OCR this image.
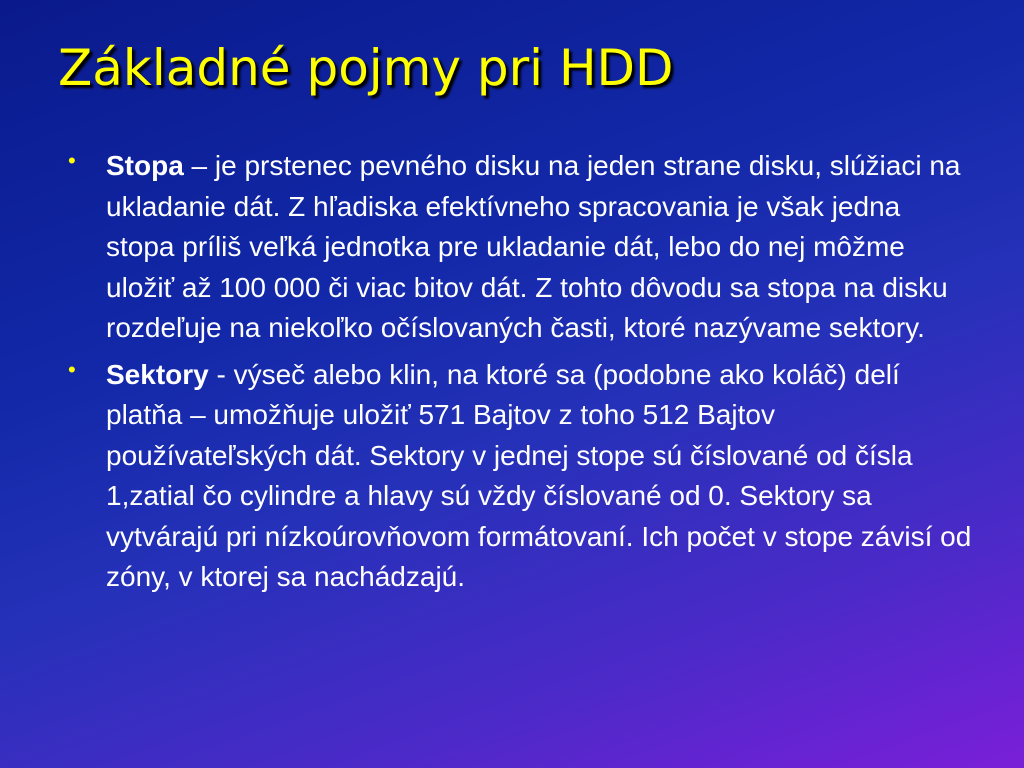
Základné pojmy pri HDD
• Stopa – je prstenec pevného disku na jeden strane disku, slúžiaci na ukladanie dát. Z hľadiska efektívneho spracovania je však jedna stopa príliš veľká jednotka pre ukladanie dát, lebo do nej môžme uložiť až 100 000 či viac bitov dát. Z tohto dôvodu sa stopa na disku rozdeľuje na niekoľko očíslovaných časti, ktoré nazývame sektory.
• Sektory - výseč alebo klin, na ktoré sa (podobne ako koláč) delí platňa – umožňuje uložiť 571 Bajtov z toho 512 Bajtov používateľských dát. Sektory v jednej stope sú číslované od čísla 1,zatial čo cylindre a hlavy sú vždy číslované od 0. Sektory sa vytvárajú pri nízkoúrovňovom formátovaní. Ich počet v stope závisí od zóny, v ktorej sa nachádzajú.
